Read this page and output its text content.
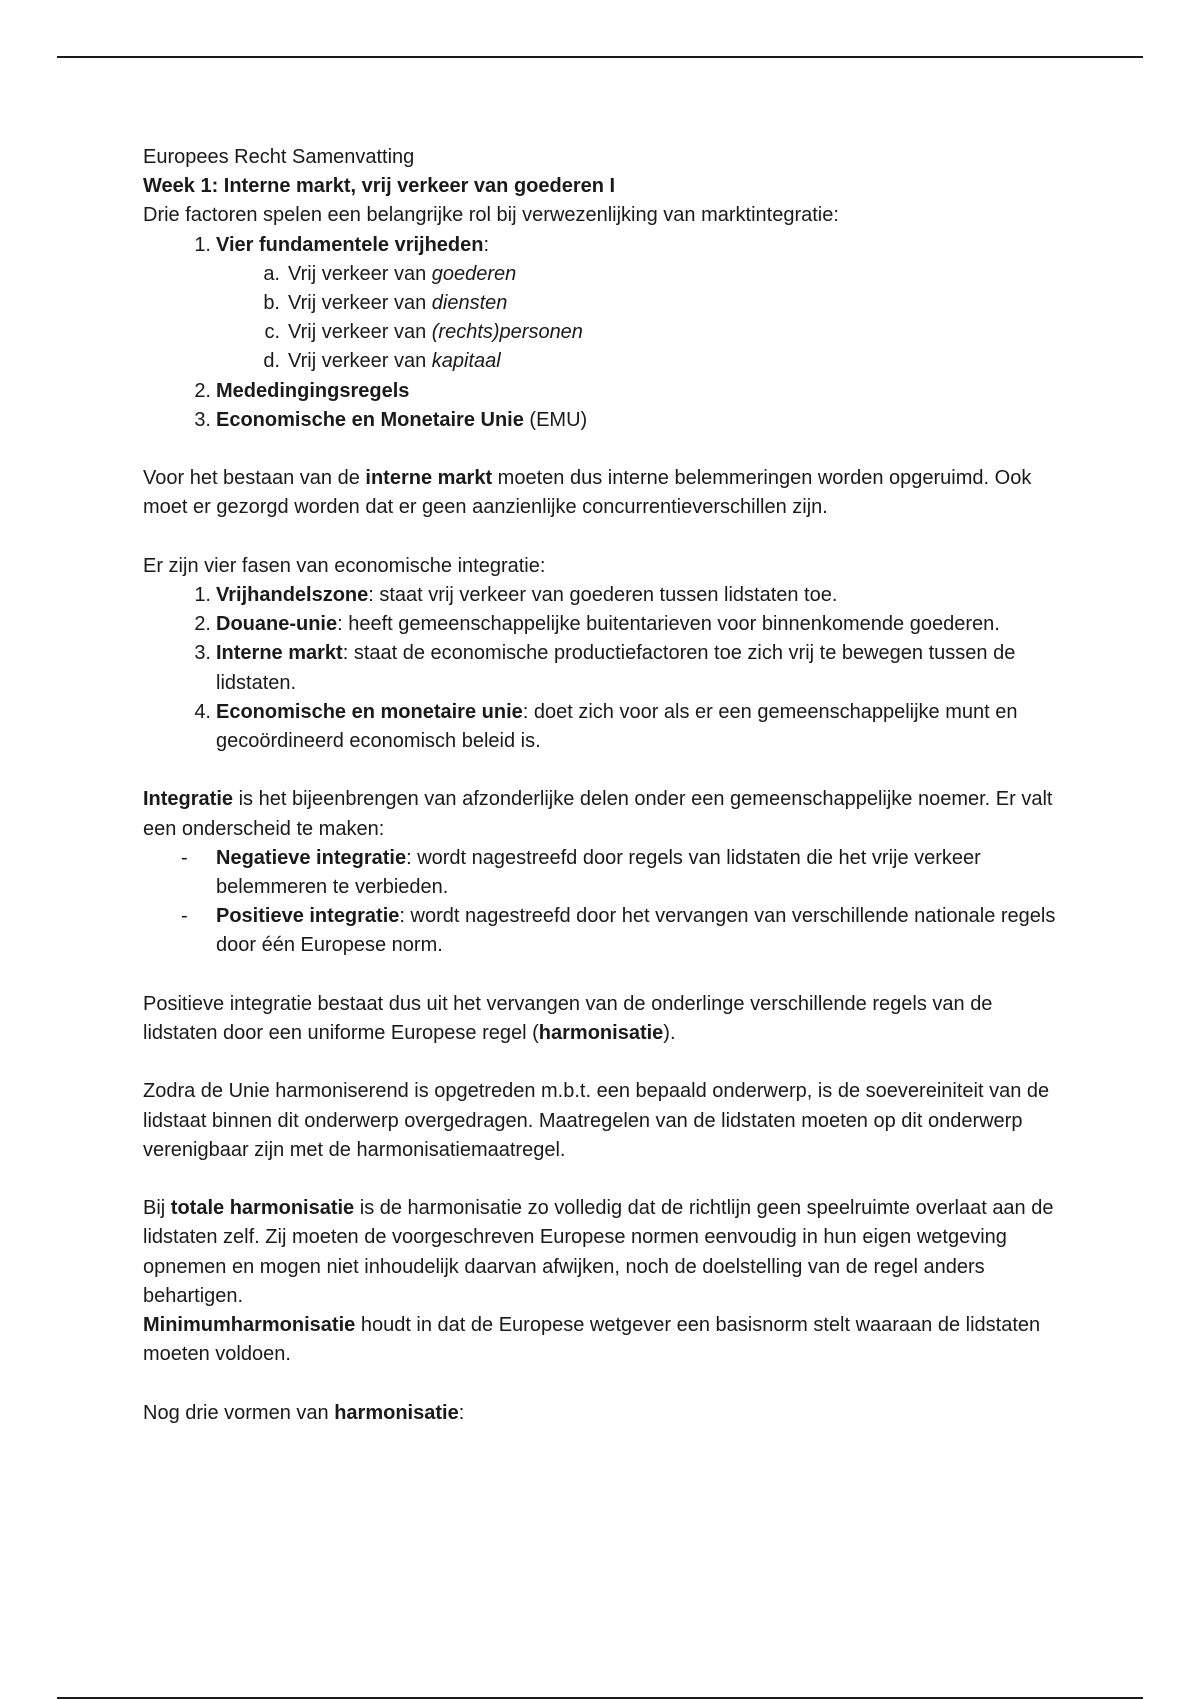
Europees Recht Samenvatting

Week 1: Interne markt, vrij verkeer van goederen I

Drie factoren spelen een belangrijke rol bij verwezenlijking van marktintegratie:

1. Vier fundamentele vrijheden:
a. Vrij verkeer van goederen
b. Vrij verkeer van diensten
c. Vrij verkeer van (rechts)personen
d. Vrij verkeer van kapitaal
2. Mededingingsregels
3. Economische en Monetaire Unie (EMU)

Voor het bestaan van de interne markt moeten dus interne belemmeringen worden opgeruimd. Ook moet er gezorgd worden dat er geen aanzienlijke concurrentieverschillen zijn.

Er zijn vier fasen van economische integratie:

1. Vrijhandelszone: staat vrij verkeer van goederen tussen lidstaten toe.
2. Douane-unie: heeft gemeenschappelijke buitentarieven voor binnenkomende goederen.
3. Interne markt: staat de economische productiefactoren toe zich vrij te bewegen tussen de lidstaten.
4. Economische en monetaire unie: doet zich voor als er een gemeenschappelijke munt en gecoördineerd economisch beleid is.

Integratie is het bijeenbrengen van afzonderlijke delen onder een gemeenschappelijke noemer. Er valt een onderscheid te maken:

- Negatieve integratie: wordt nagestreefd door regels van lidstaten die het vrije verkeer belemmeren te verbieden.
- Positieve integratie: wordt nagestreefd door het vervangen van verschillende nationale regels door één Europese norm.

Positieve integratie bestaat dus uit het vervangen van de onderlinge verschillende regels van de lidstaten door een uniforme Europese regel (harmonisatie).

Zodra de Unie harmoniserend is opgetreden m.b.t. een bepaald onderwerp, is de soevereiniteit van de lidstaat binnen dit onderwerp overgedragen. Maatregelen van de lidstaten moeten op dit onderwerp verenigbaar zijn met de harmonisatiemaatregel.

Bij totale harmonisatie is de harmonisatie zo volledig dat de richtlijn geen speelruimte overlaat aan de lidstaten zelf. Zij moeten de voorgeschreven Europese normen eenvoudig in hun eigen wetgeving opnemen en mogen niet inhoudelijk daarvan afwijken, noch de doelstelling van de regel anders behartigen.

Minimumharmonisatie houdt in dat de Europese wetgever een basisnorm stelt waaraan de lidstaten moeten voldoen.

Nog drie vormen van harmonisatie:
